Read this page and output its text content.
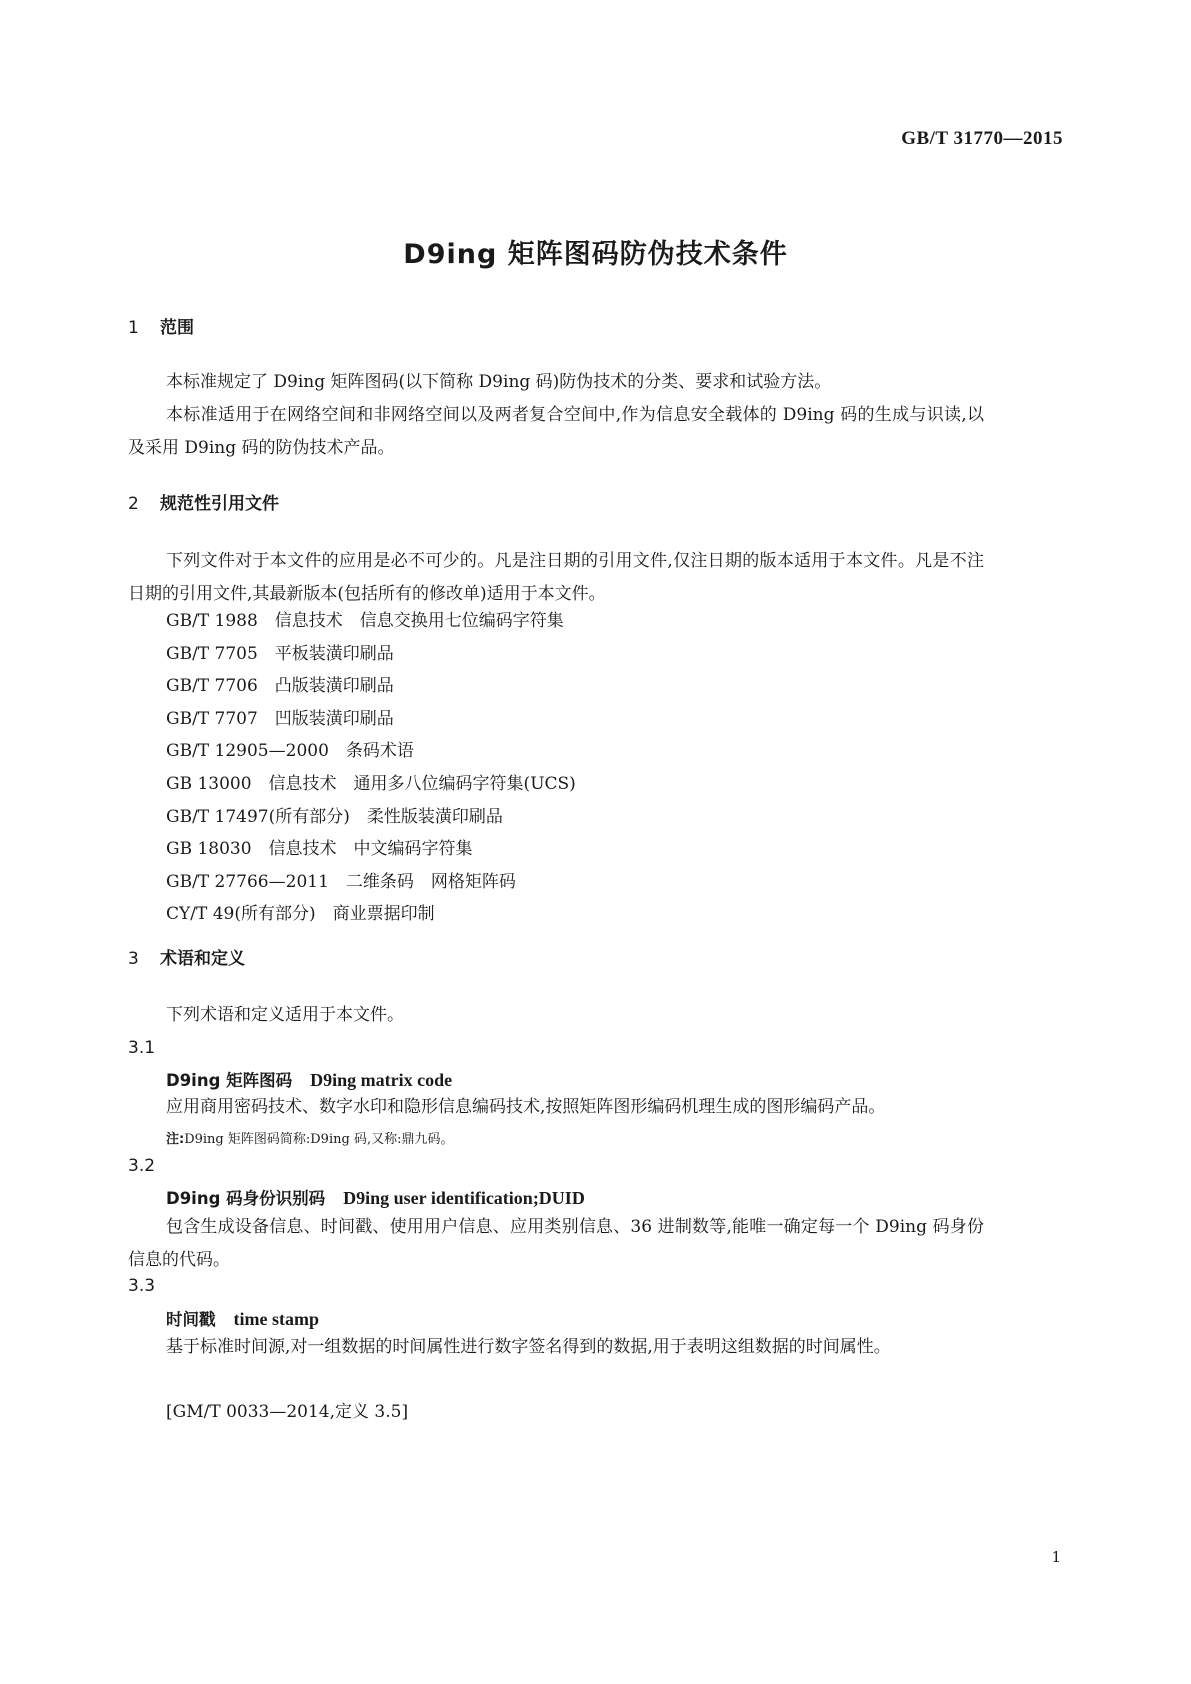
GB/T 31770—2015
D9ing 矩阵图码防伪技术条件
1 范围
本标准规定了 D9ing 矩阵图码(以下简称 D9ing 码)防伪技术的分类、要求和试验方法。
本标准适用于在网络空间和非网络空间以及两者复合空间中,作为信息安全载体的 D9ing 码的生成与识读,以及采用 D9ing 码的防伪技术产品。
2 规范性引用文件
下列文件对于本文件的应用是必不可少的。凡是注日期的引用文件,仅注日期的版本适用于本文件。凡是不注日期的引用文件,其最新版本(包括所有的修改单)适用于本文件。
GB/T 1988　信息技术　信息交换用七位编码字符集
GB/T 7705　平板装潢印刷品
GB/T 7706　凸版装潢印刷品
GB/T 7707　凹版装潢印刷品
GB/T 12905—2000　条码术语
GB 13000　信息技术　通用多八位编码字符集(UCS)
GB/T 17497(所有部分)　柔性版装潢印刷品
GB 18030　信息技术　中文编码字符集
GB/T 27766—2011　二维条码　网格矩阵码
CY/T 49(所有部分)　商业票据印制
3 术语和定义
下列术语和定义适用于本文件。
3.1
D9ing 矩阵图码 D9ing matrix code
应用商用密码技术、数字水印和隐形信息编码技术,按照矩阵图形编码机理生成的图形编码产品。
注:D9ing 矩阵图码简称:D9ing 码,又称:鼎九码。
3.2
D9ing 码身份识别码 D9ing user identification;DUID
包含生成设备信息、时间戳、使用用户信息、应用类别信息、36 进制数等,能唯一确定每一个 D9ing 码身份信息的代码。
3.3
时间戳 time stamp
基于标准时间源,对一组数据的时间属性进行数字签名得到的数据,用于表明这组数据的时间属性。
[GM/T 0033—2014,定义 3.5]
1
